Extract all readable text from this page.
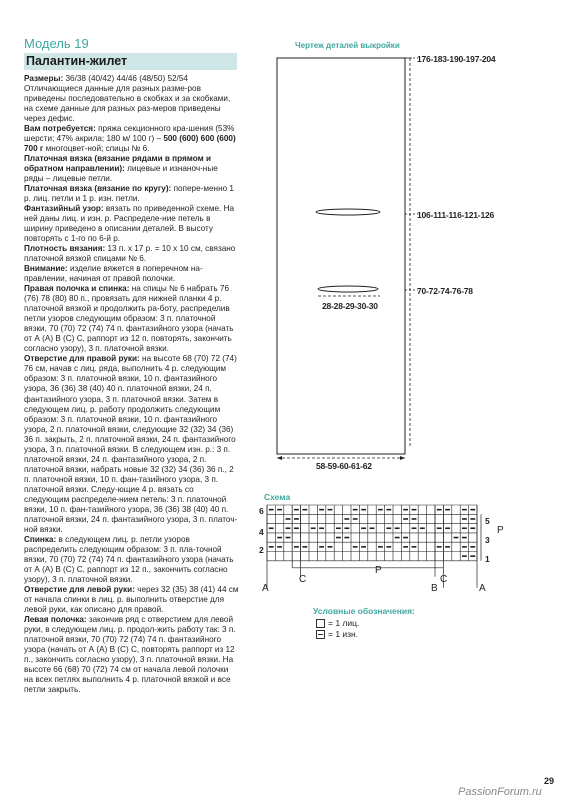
Модель 19
Палантин-жилет

Размеры: 36/38 (40/42) 44/46 (48/50) 52/54

Отличающиеся данные для разных разме-ров приведены последовательно в скобках и за скобками, на схеме данные для разных раз-меров приведены через дефис.

Вам потребуется: пряжа секционного кра-шения (53% шерсти; 47% акрила; 180 м/ 100 г) – 500 (600) 600 (600) 700 г многоцвет-ной; спицы № 6.

Платочная вязка (вязание рядами в прямом и обратном направлении): лицевые и изнаноч-ные ряды – лицевые петли.

Платочная вязка (вязание по кругу): попере-менно 1 р. лиц. петли и 1 р. изн. петли.

Фантазийный узор: вязать по приведенной схеме. На ней даны лиц. и изн. р. Распределе-ние петель в ширину приведено в описании деталей. В высоту повторять с 1-го по 6-й р.

Плотность вязания: 13 п. х 17 р. = 10 х 10 см, связано платочной вязкой спицами № 6.

Внимание: изделие вяжется в поперечном на-правлении, начиная от правой полочки.

Правая полочка и спинка: на спицы № 6 набрать 76 (76) 78 (80) 80 п., провязать для нижней планки 4 р. платочной вязкой и продолжить ра-боту, распределив петли узоров следующим образом: 3 п. платочной вязки, 70 (70) 72 (74) 74 п. фантазийного узора (начать от А (A) B (C) C, раппорт из 12 п. повторять, закончить согласно узору), 3 п. платочной вязки.

Отверстие для правой руки: на высоте 68 (70) 72 (74) 76 см, начав с лиц. ряда, выполнить 4 р. следующим образом: 3 п. платочной вязки, 10 п. фантазийного узора, 36 (36) 38 (40) 40 п. платочной вязки, 24 п. фантазийного узора, 3 п. платочной вязки. Затем в следующем лиц. р. работу продолжить следующим образом: 3 п. платочной вязки, 10 п. фантазийного узора, 2 п. платочной вязки, следующие 32 (32) 34 (36) 36 п. закрыть, 2 п. платочной вязки, 24 п. фантазийного узора, 3 п. платочной вязки. В следующем изн. р.: 3 п. платочной вязки, 24 п. фантазийного узора, 2 п. платочной вязки, набрать новые 32 (32) 34 (36) 36 п., 2 п. платочной вязки, 10 п. фан-тазийного узора, 3 п. платочной вязки. Следу-ющие 4 р. вязать со следующим распределе-нием петель: 3 п. платочной вязки, 10 п. фан-тазийного узора, 36 (36) 38 (40) 40 п. платочной вязки, 24 п. фантазийного узора, 3 п. платоч-ной вязки.

Спинка: в следующем лиц. р. петли узоров распределить следующим образом: 3 п. пла-точной вязки, 70 (70) 72 (74) 74 п. фантазийного узора (начать от А (A) B (C) C, раппорт из 12 п., закончить согласно узору), 3 п. платочной вязки.

Отверстие для левой руки: через 32 (35) 38 (41) 44 см от начала спинки в лиц. р. выполнить отверстие для левой руки, как описано для правой.

Левая полочка: закончив ряд с отверстием для левой руки, в следующем лиц. р. продол-жить работу так: 3 п. платочной вязки, 70 (70) 72 (74) 74 п. фантазийного узора (начать от А (A) B (C) C, повторять раппорт из 12 п., закончить согласно узору), 3 п. платочной вязки. На высоте 66 (68) 70 (72) 74 см от начала левой полочки на всех петлях выполнить 4 р. платочной вязкой и все петли закрыть.

Чертеж деталей выкройки
176-183-190-197-204
106-111-116-121-126
70-72-74-76-78
28-28-29-30-30
58-59-60-61-62
Схема
6
4
2
5
3
1
P
P
A
C
B
C
A
Условные обозначения:
= 1 лиц.
= 1 изн.
29
PassionForum.ru
